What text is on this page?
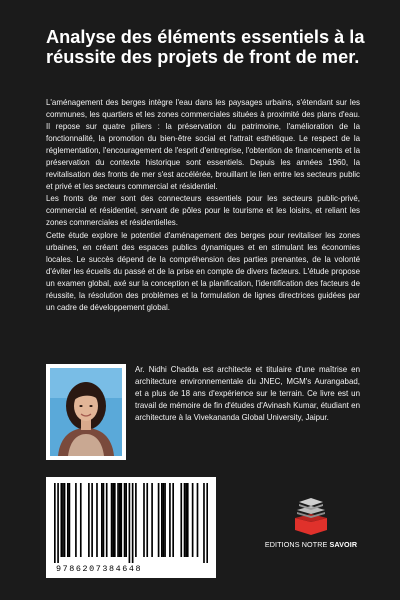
Analyse des éléments essentiels à la réussite des projets de front de mer.

L'aménagement des berges intègre l'eau dans les paysages urbains, s'étendant sur les communes, les quartiers et les zones commerciales situées à proximité des plans d'eau. Il repose sur quatre piliers : la préservation du patrimoine, l'amélioration de la fonctionnalité, la promotion du bien-être social et l'attrait esthétique. Le respect de la réglementation, l'encouragement de l'esprit d'entreprise, l'obtention de financements et la préservation du contexte historique sont essentiels. Depuis les années 1960, la revitalisation des fronts de mer s'est accélérée, brouillant le lien entre les secteurs public et privé et les secteurs commercial et résidentiel.

Les fronts de mer sont des connecteurs essentiels pour les secteurs public-privé, commercial et résidentiel, servant de pôles pour le tourisme et les loisirs, et reliant les zones commerciales et résidentielles.

Cette étude explore le potentiel d'aménagement des berges pour revitaliser les zones urbaines, en créant des espaces publics dynamiques et en stimulant les économies locales. Le succès dépend de la compréhension des parties prenantes, de la volonté d'éviter les écueils du passé et de la prise en compte de divers facteurs. L'étude propose un examen global, axé sur la conception et la planification, l'identification des facteurs de réussite, la résolution des problèmes et la formulation de lignes directrices guidées par un cadre de développement global.

Ar. Nidhi Chadda est architecte et titulaire d'une maîtrise en architecture environnementale du JNEC, MGM's Aurangabad, et a plus de 18 ans d'expérience sur le terrain. Ce livre est un travail de mémoire de fin d'études d'Avinash Kumar, étudiant en architecture à la Vivekananda Global University, Jaipur.
9786207384648
EDITIONS NOTRE SAVOIR
